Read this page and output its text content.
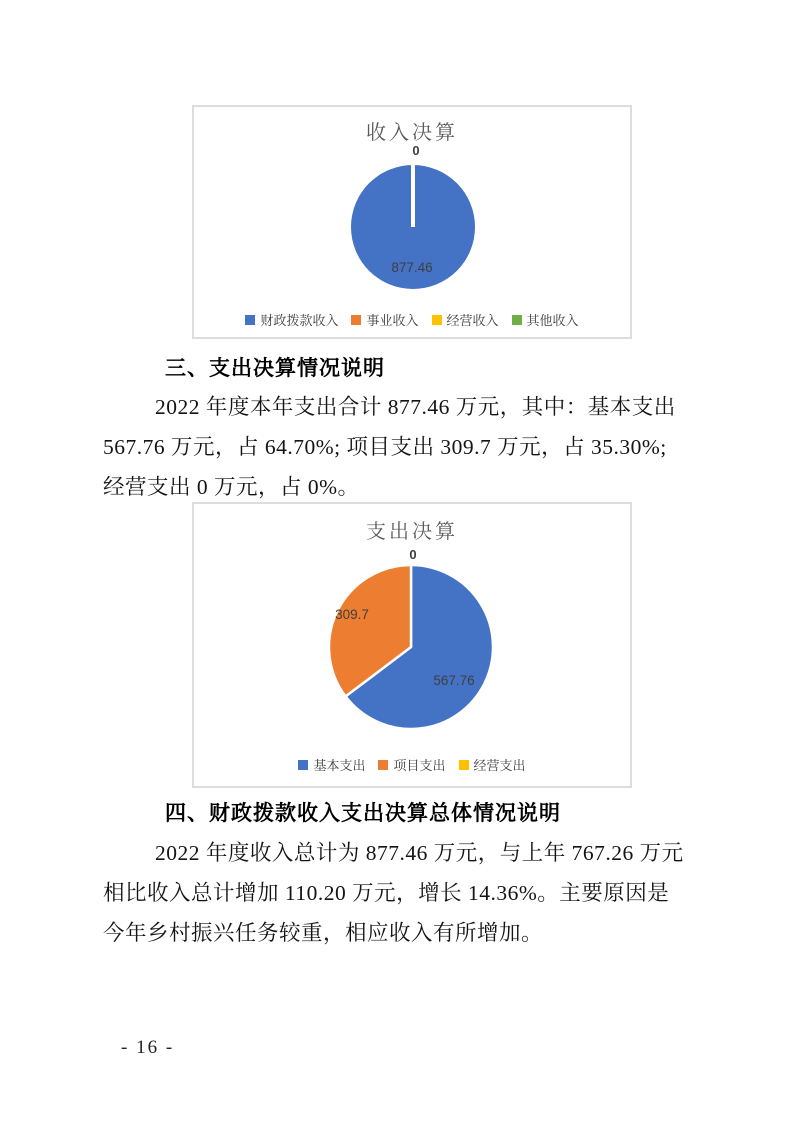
收入决算
0
877.46
财政拨款收入 事业收入 经营收入 其他收入
三、支出决算情况说明
2022 年度本年支出合计 877.46 万元，其中：基本支出
567.76 万元，占 64.70%; 项目支出 309.7 万元，占 35.30%;
经营支出 0 万元，占 0%。
支出决算
0
309.7
567.76
基本支出 项目支出 经营支出
四、财政拨款收入支出决算总体情况说明
2022 年度收入总计为 877.46 万元，与上年 767.26 万元
相比收入总计增加 110.20 万元，增长 14.36%。主要原因是
今年乡村振兴任务较重，相应收入有所增加。
- 16 -
